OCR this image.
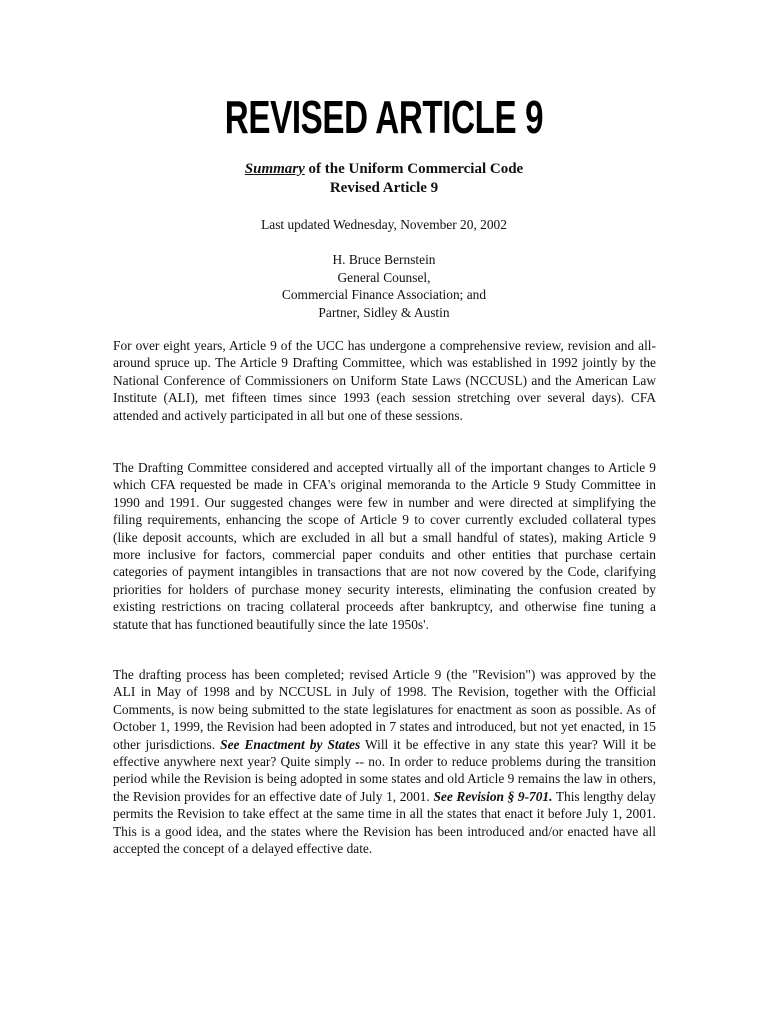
REVISED ARTICLE 9
Summary of the Uniform Commercial Code
Revised Article 9
Last updated Wednesday, November 20, 2002
H. Bruce Bernstein
General Counsel,
Commercial Finance Association; and
Partner, Sidley & Austin

For over eight years, Article 9 of the UCC has undergone a comprehensive review, revision and all-around spruce up. The Article 9 Drafting Committee, which was established in 1992 jointly by the National Conference of Commissioners on Uniform State Laws (NCCUSL) and the American Law Institute (ALI), met fifteen times since 1993 (each session stretching over several days). CFA attended and actively participated in all but one of these sessions.

The Drafting Committee considered and accepted virtually all of the important changes to Article 9 which CFA requested be made in CFA's original memoranda to the Article 9 Study Committee in 1990 and 1991. Our suggested changes were few in number and were directed at simplifying the filing requirements, enhancing the scope of Article 9 to cover currently excluded collateral types (like deposit accounts, which are excluded in all but a small handful of states), making Article 9 more inclusive for factors, commercial paper conduits and other entities that purchase certain categories of payment intangibles in transactions that are not now covered by the Code, clarifying priorities for holders of purchase money security interests, eliminating the confusion created by existing restrictions on tracing collateral proceeds after bankruptcy, and otherwise fine tuning a statute that has functioned beautifully since the late 1950s'.

The drafting process has been completed; revised Article 9 (the "Revision") was approved by the ALI in May of 1998 and by NCCUSL in July of 1998. The Revision, together with the Official Comments, is now being submitted to the state legislatures for enactment as soon as possible. As of October 1, 1999, the Revision had been adopted in 7 states and introduced, but not yet enacted, in 15 other jurisdictions. See Enactment by States Will it be effective in any state this year? Will it be effective anywhere next year? Quite simply -- no. In order to reduce problems during the transition period while the Revision is being adopted in some states and old Article 9 remains the law in others, the Revision provides for an effective date of July 1, 2001. See Revision § 9-701. This lengthy delay permits the Revision to take effect at the same time in all the states that enact it before July 1, 2001. This is a good idea, and the states where the Revision has been introduced and/or enacted have all accepted the concept of a delayed effective date.
